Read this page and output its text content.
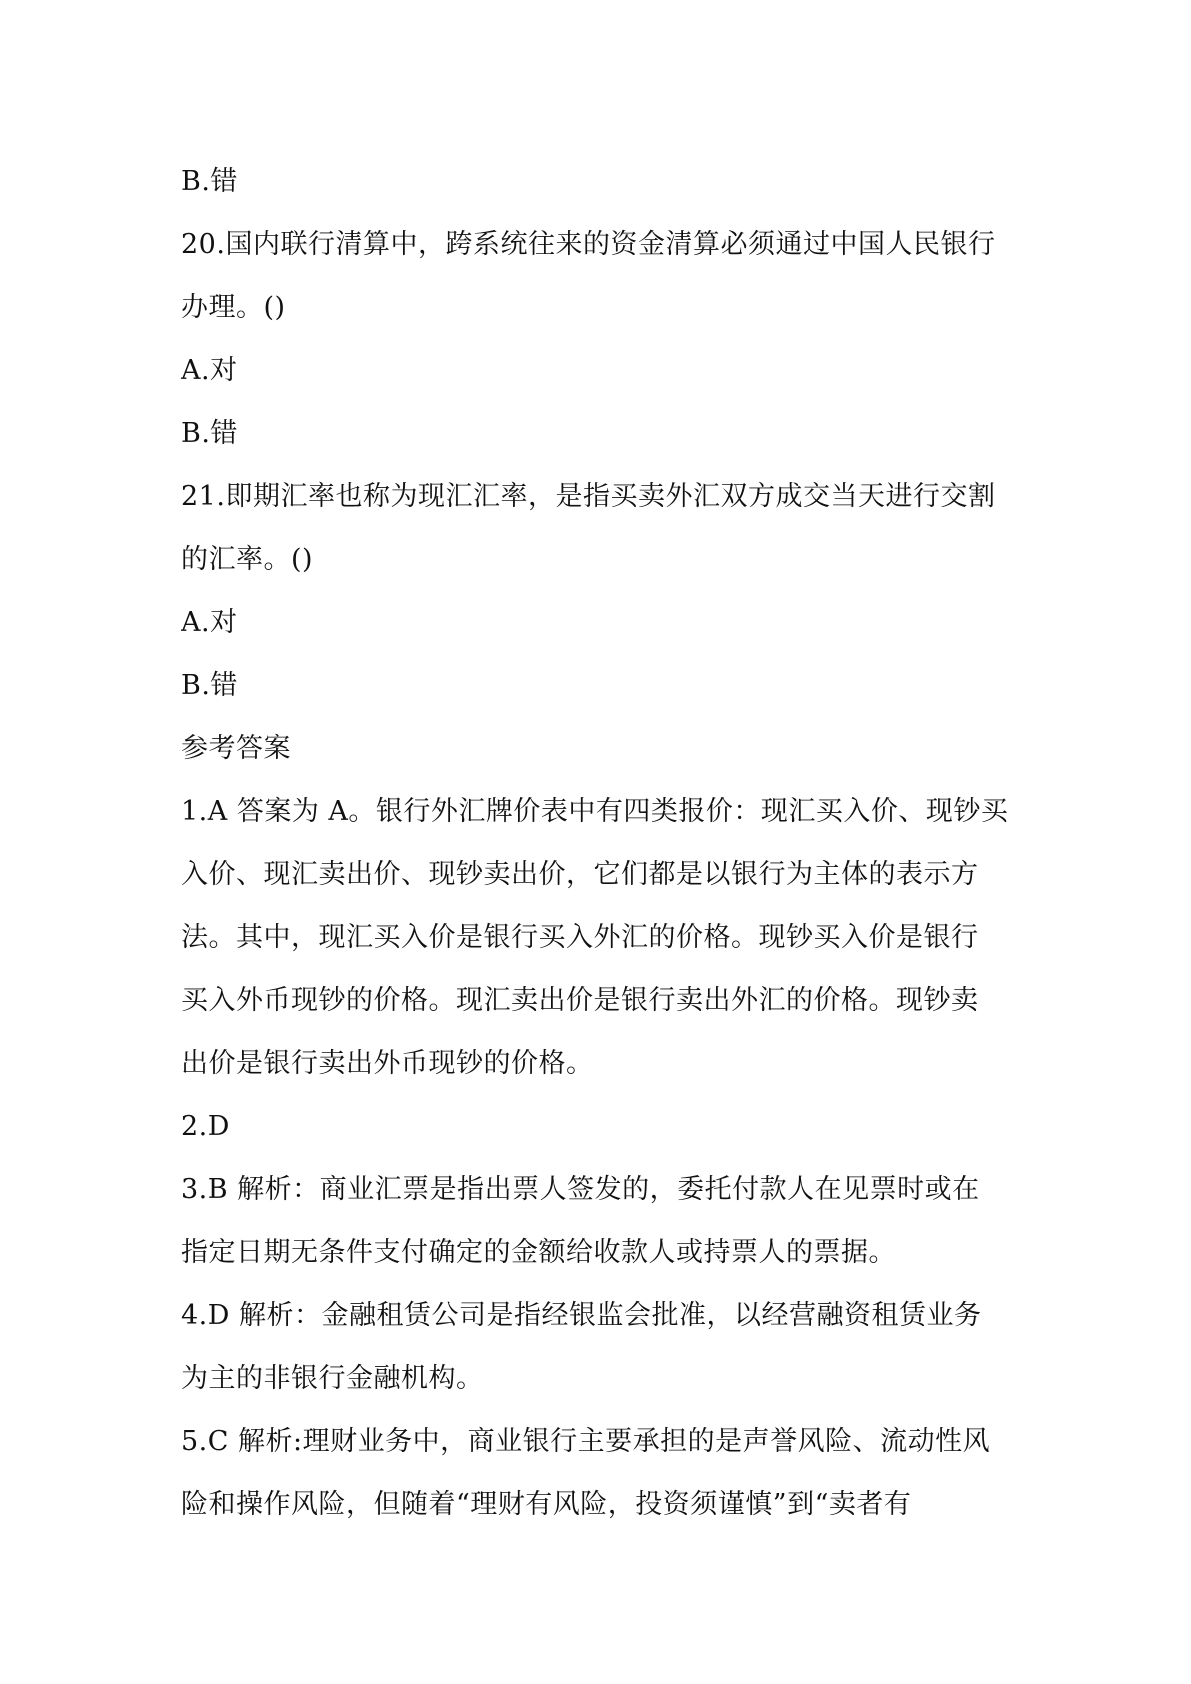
B.错
20.国内联行清算中，跨系统往来的资金清算必须通过中国人民银行
办理。()
A.对
B.错
21.即期汇率也称为现汇汇率，是指买卖外汇双方成交当天进行交割
的汇率。()
A.对
B.错
参考答案
1.A 答案为 A。银行外汇牌价表中有四类报价：现汇买入价、现钞买
入价、现汇卖出价、现钞卖出价，它们都是以银行为主体的表示方
法。其中，现汇买入价是银行买入外汇的价格。现钞买入价是银行
买入外币现钞的价格。现汇卖出价是银行卖出外汇的价格。现钞卖
出价是银行卖出外币现钞的价格。
2.D
3.B 解析：商业汇票是指出票人签发的，委托付款人在见票时或在
指定日期无条件支付确定的金额给收款人或持票人的票据。
4.D 解析：金融租赁公司是指经银监会批准，以经营融资租赁业务
为主的非银行金融机构。
5.C 解析:理财业务中，商业银行主要承担的是声誉风险、流动性风
险和操作风险，但随着“理财有风险，投资须谨慎”到“卖者有
